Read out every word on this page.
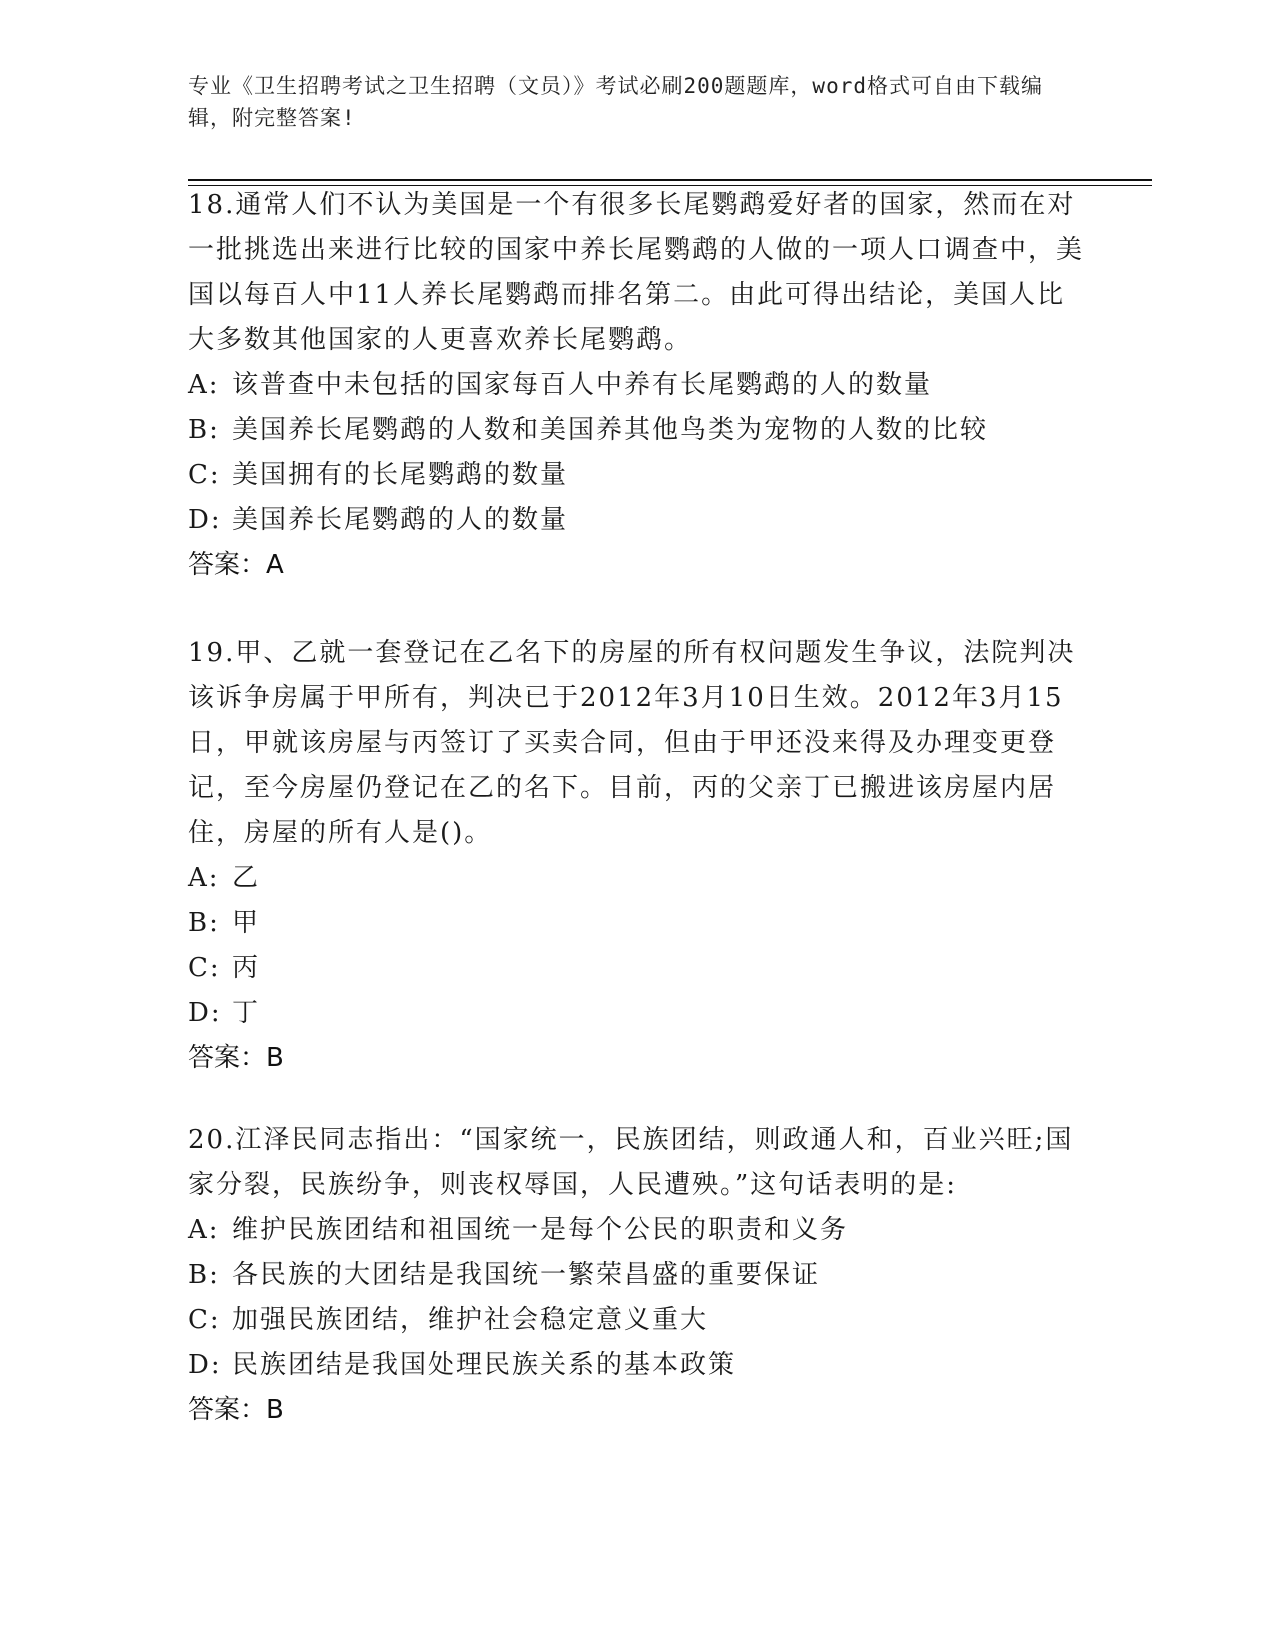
专业《卫生招聘考试之卫生招聘（文员）》考试必刷200题题库，word格式可自由下载编辑，附完整答案!

18.通常人们不认为美国是一个有很多长尾鹦鹉爱好者的国家，然而在对一批挑选出来进行比较的国家中养长尾鹦鹉的人做的一项人口调查中，美国以每百人中11人养长尾鹦鹉而排名第二。由此可得出结论，美国人比大多数其他国家的人更喜欢养长尾鹦鹉。

A: 该普查中未包括的国家每百人中养有长尾鹦鹉的人的数量

B: 美国养长尾鹦鹉的人数和美国养其他鸟类为宠物的人数的比较

C: 美国拥有的长尾鹦鹉的数量

D: 美国养长尾鹦鹉的人的数量

答案：A

19.甲、乙就一套登记在乙名下的房屋的所有权问题发生争议，法院判决该诉争房属于甲所有，判决已于2012年3月10日生效。2012年3月15日，甲就该房屋与丙签订了买卖合同，但由于甲还没来得及办理变更登记，至今房屋仍登记在乙的名下。目前，丙的父亲丁已搬进该房屋内居住，房屋的所有人是()。

A: 乙

B: 甲

C: 丙

D: 丁

答案：B

20.江泽民同志指出：“国家统一，民族团结，则政通人和，百业兴旺;国家分裂，民族纷争，则丧权辱国，人民遭殃。”这句话表明的是:

A: 维护民族团结和祖国统一是每个公民的职责和义务

B: 各民族的大团结是我国统一繁荣昌盛的重要保证

C: 加强民族团结，维护社会稳定意义重大

D: 民族团结是我国处理民族关系的基本政策

答案：B
